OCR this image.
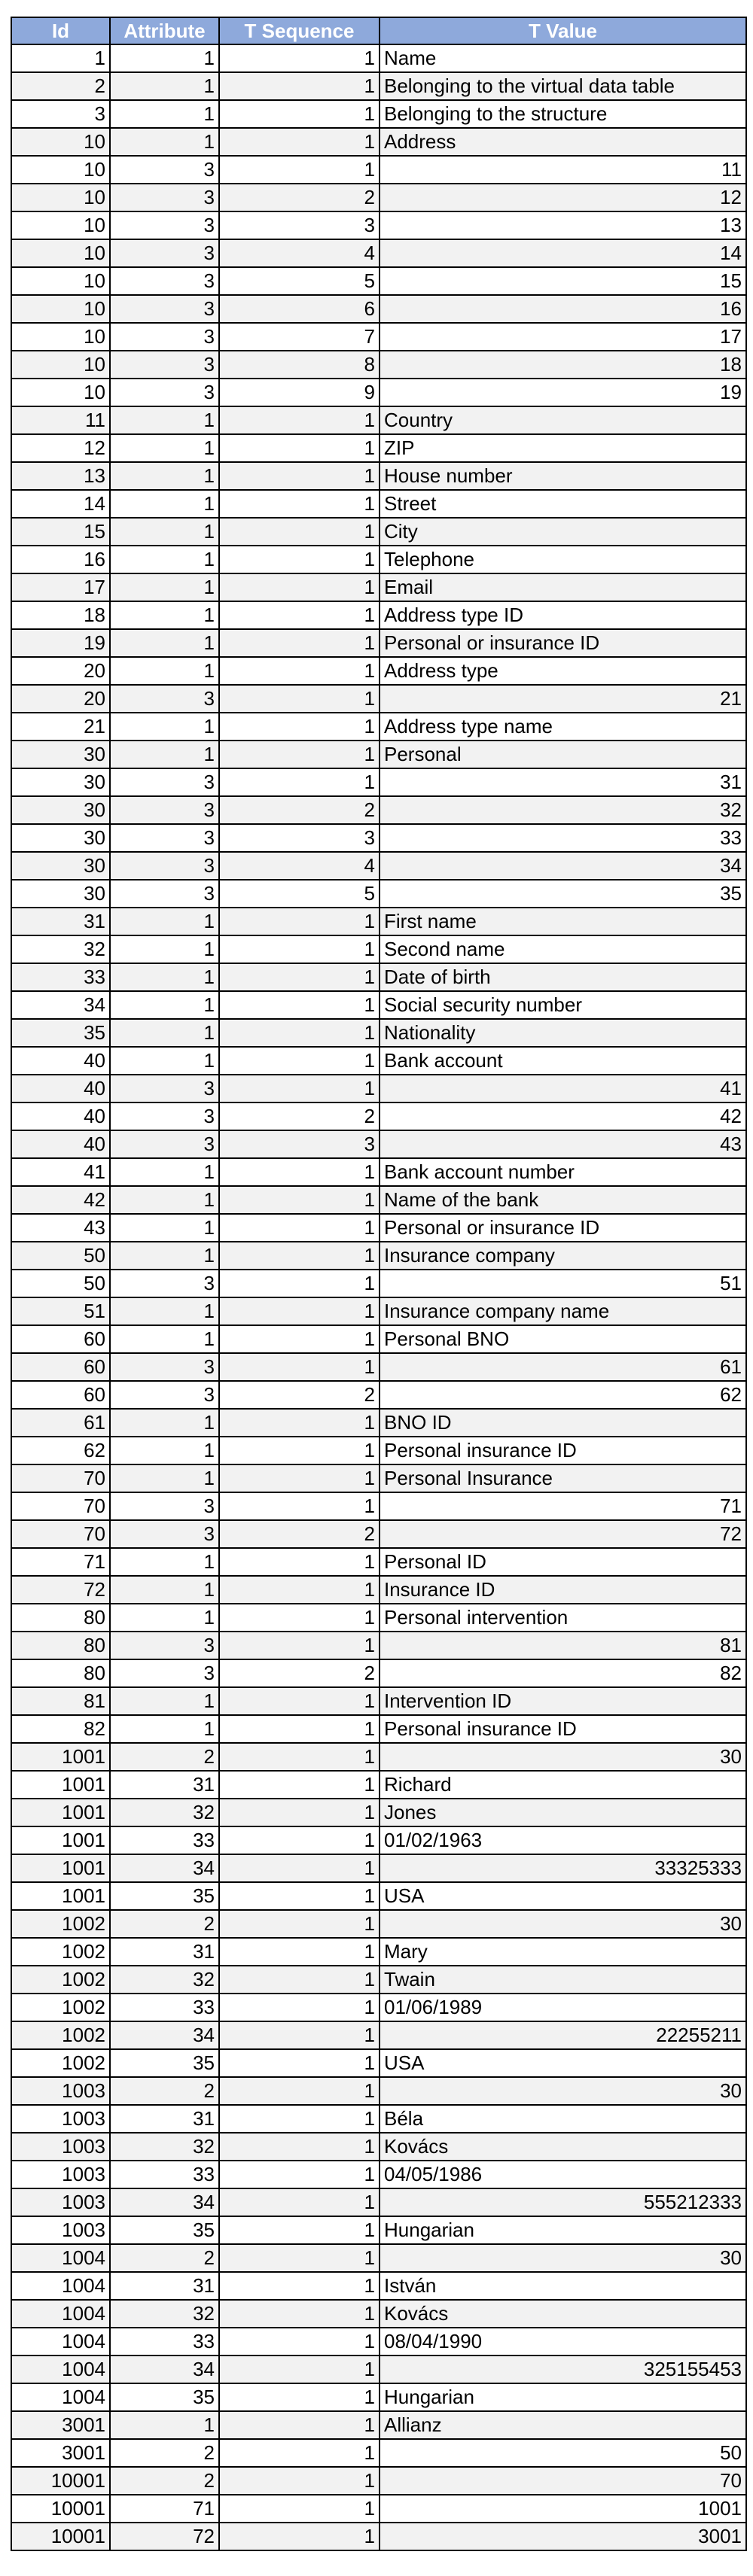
Id	Attribute	T Sequence	T Value
1	1	1	Name
2	1	1	Belonging to the virtual data table
3	1	1	Belonging to the structure
10	1	1	Address
10	3	1	11
10	3	2	12
10	3	3	13
10	3	4	14
10	3	5	15
10	3	6	16
10	3	7	17
10	3	8	18
10	3	9	19
11	1	1	Country
12	1	1	ZIP
13	1	1	House number
14	1	1	Street
15	1	1	City
16	1	1	Telephone
17	1	1	Email
18	1	1	Address type ID
19	1	1	Personal or insurance ID
20	1	1	Address type
20	3	1	21
21	1	1	Address type name
30	1	1	Personal
30	3	1	31
30	3	2	32
30	3	3	33
30	3	4	34
30	3	5	35
31	1	1	First name
32	1	1	Second name
33	1	1	Date of birth
34	1	1	Social security number
35	1	1	Nationality
40	1	1	Bank account
40	3	1	41
40	3	2	42
40	3	3	43
41	1	1	Bank account number
42	1	1	Name of the bank
43	1	1	Personal or insurance ID
50	1	1	Insurance company
50	3	1	51
51	1	1	Insurance company name
60	1	1	Personal BNO
60	3	1	61
60	3	2	62
61	1	1	BNO ID
62	1	1	Personal insurance ID
70	1	1	Personal Insurance
70	3	1	71
70	3	2	72
71	1	1	Personal ID
72	1	1	Insurance ID
80	1	1	Personal intervention
80	3	1	81
80	3	2	82
81	1	1	Intervention ID
82	1	1	Personal insurance ID
1001	2	1	30
1001	31	1	Richard
1001	32	1	Jones
1001	33	1	01/02/1963
1001	34	1	33325333
1001	35	1	USA
1002	2	1	30
1002	31	1	Mary
1002	32	1	Twain
1002	33	1	01/06/1989
1002	34	1	22255211
1002	35	1	USA
1003	2	1	30
1003	31	1	Béla
1003	32	1	Kovács
1003	33	1	04/05/1986
1003	34	1	555212333
1003	35	1	Hungarian
1004	2	1	30
1004	31	1	István
1004	32	1	Kovács
1004	33	1	08/04/1990
1004	34	1	325155453
1004	35	1	Hungarian
3001	1	1	Allianz
3001	2	1	50
10001	2	1	70
10001	71	1	1001
10001	72	1	3001
